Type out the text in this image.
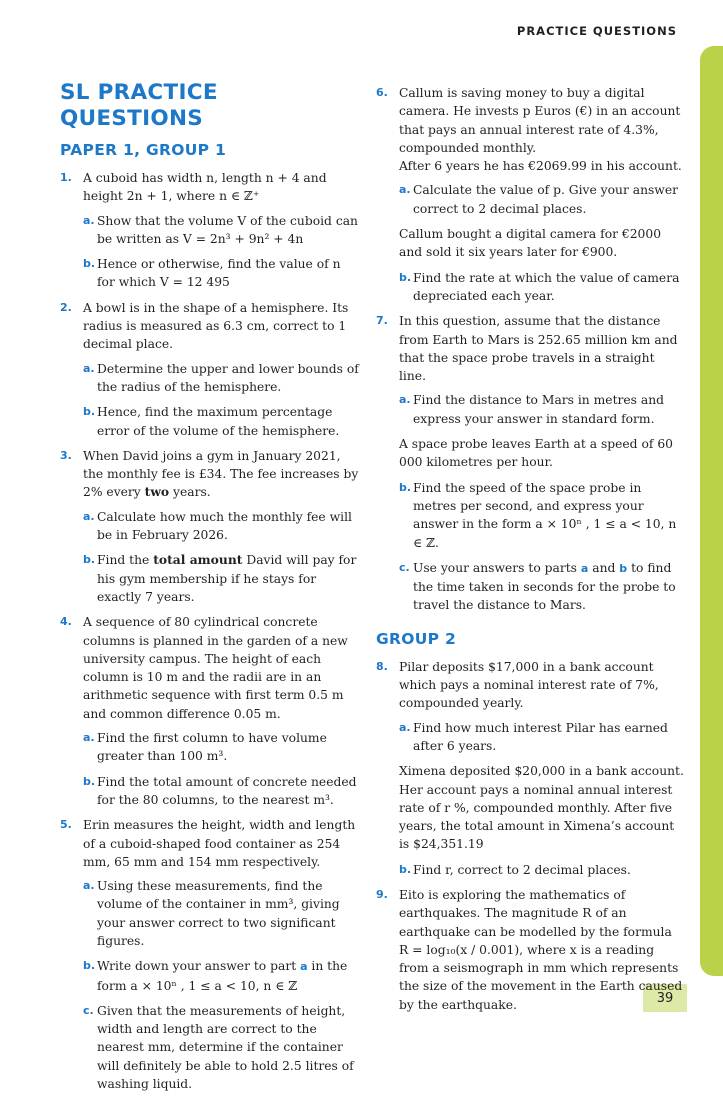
PRACTICE QUESTIONS
39
SL PRACTICE QUESTIONS
PAPER 1, GROUP 1
1. A cuboid has width n, length n + 4 and height 2n + 1, where n ∈ ℤ⁺
a. Show that the volume V of the cuboid can be written as V = 2n³ + 9n² + 4n
b. Hence or otherwise, find the value of n for which V = 12 495
2. A bowl is in the shape of a hemisphere. Its radius is measured as 6.3 cm, correct to 1 decimal place.
a. Determine the upper and lower bounds of the radius of the hemisphere.
b. Hence, find the maximum percentage error of the volume of the hemisphere.
3. When David joins a gym in January 2021, the monthly fee is £34. The fee increases by 2% every two years.
a. Calculate how much the monthly fee will be in February 2026.
b. Find the total amount David will pay for his gym membership if he stays for exactly 7 years.
4. A sequence of 80 cylindrical concrete columns is planned in the garden of a new university campus. The height of each column is 10 m and the radii are in an arithmetic sequence with first term 0.5 m and common difference 0.05 m.
a. Find the first column to have volume greater than 100 m³.
b. Find the total amount of concrete needed for the 80 columns, to the nearest m³.
5. Erin measures the height, width and length of a cuboid-shaped food container as 254 mm, 65 mm and 154 mm respectively.
a. Using these measurements, find the volume of the container in mm³, giving your answer correct to two significant figures.
b. Write down your answer to part a in the form a × 10ⁿ , 1 ≤ a < 10, n ∈ ℤ
c. Given that the measurements of height, width and length are correct to the nearest mm, determine if the container will definitely be able to hold 2.5 litres of washing liquid.
6. Callum is saving money to buy a digital camera. He invests p Euros (€) in an account that pays an annual interest rate of 4.3%, compounded monthly.
After 6 years he has €2069.99 in his account.
a. Calculate the value of p. Give your answer correct to 2 decimal places.
Callum bought a digital camera for €2000 and sold it six years later for €900.
b. Find the rate at which the value of camera depreciated each year.
7. In this question, assume that the distance from Earth to Mars is 252.65 million km and that the space probe travels in a straight line.
a. Find the distance to Mars in metres and express your answer in standard form.
A space probe leaves Earth at a speed of 60 000 kilometres per hour.
b. Find the speed of the space probe in metres per second, and express your answer in the form a × 10ⁿ , 1 ≤ a < 10, n ∈ ℤ.
c. Use your answers to parts a and b to find the time taken in seconds for the probe to travel the distance to Mars.
GROUP 2
8. Pilar deposits $17,000 in a bank account which pays a nominal interest rate of 7%, compounded yearly.
a. Find how much interest Pilar has earned after 6 years.
Ximena deposited $20,000 in a bank account. Her account pays a nominal annual interest rate of r %, compounded monthly. After five years, the total amount in Ximena’s account is $24,351.19
b. Find r, correct to 2 decimal places.
9. Eito is exploring the mathematics of earthquakes. The magnitude R of an earthquake can be modelled by the formula R = log₁₀(x / 0.001), where x is a reading from a seismograph in mm which represents the size of the movement in the Earth caused by the earthquake.
